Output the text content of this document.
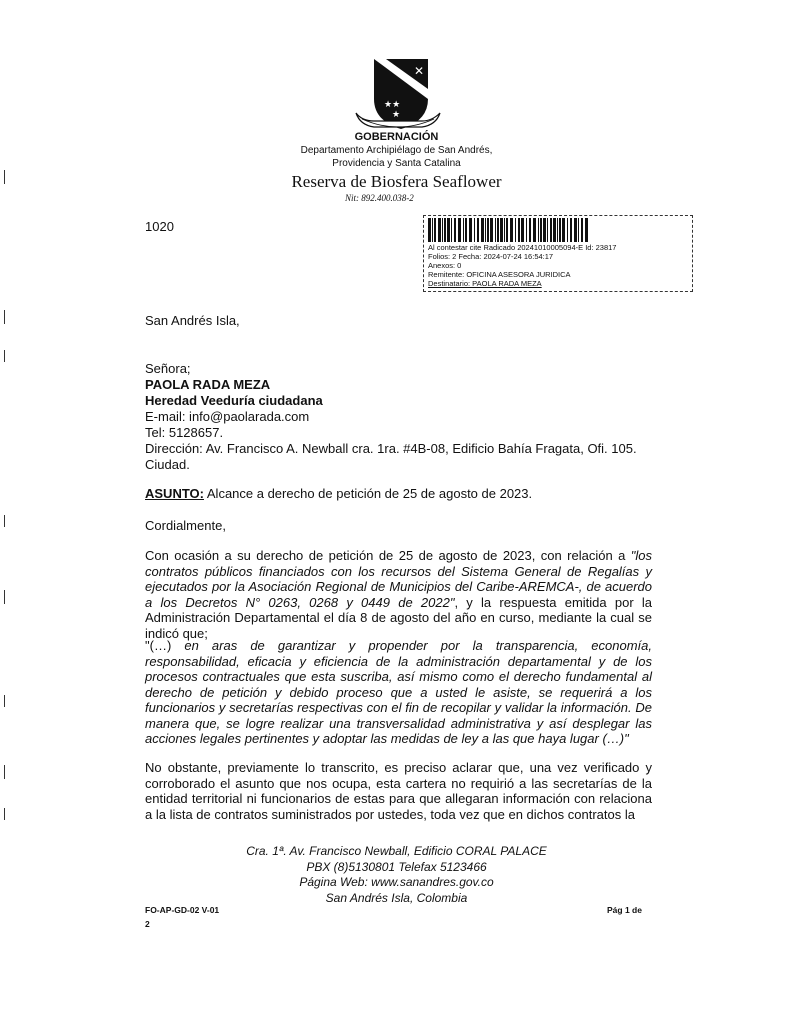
✕
★★
★
GOBERNACIÓN
Departamento Archipiélago de San Andrés,
Providencia y Santa Catalina
Reserva de Biosfera Seaflower
Nit: 892.400.038-2
1020
Al contestar cite Radicado 20241010005094-E Id: 23817
Folios: 2 Fecha: 2024-07-24 16:54:17
Anexos: 0
Remitente: OFICINA ASESORA JURIDICA
Destinatario: PAOLA RADA MEZA
San Andrés Isla,
Señora;
PAOLA RADA MEZA
Heredad Veeduría ciudadana
E-mail: info@paolarada.com
Tel: 5128657.
Dirección: Av. Francisco A. Newball cra. 1ra. #4B-08, Edificio Bahía Fragata, Ofi. 105.
Ciudad.
ASUNTO: Alcance a derecho de petición de 25 de agosto de 2023.
Cordialmente,
Con ocasión a su derecho de petición de 25 de agosto de 2023, con relación a "los contratos públicos financiados con los recursos del Sistema General de Regalías y ejecutados por la Asociación Regional de Municipios del Caribe-AREMCA-, de acuerdo a los Decretos N° 0263, 0268 y 0449 de 2022", y la respuesta emitida por la Administración Departamental el día 8 de agosto del año en curso, mediante la cual se indicó que;
"(…) en aras de garantizar y propender por la transparencia, economía, responsabilidad, eficacia y eficiencia de la administración departamental y de los procesos contractuales que esta suscriba, así mismo como el derecho fundamental al derecho de petición y debido proceso que a usted le asiste, se requerirá a los funcionarios y secretarías respectivas con el fin de recopilar y validar la información. De manera que, se logre realizar una transversalidad administrativa y así desplegar las acciones legales pertinentes y adoptar las medidas de ley a las que haya lugar (…)"
No obstante, previamente lo transcrito, es preciso aclarar que, una vez verificado y corroborado el asunto que nos ocupa, esta cartera no requirió a las secretarías de la entidad territorial ni funcionarios de estas para que allegaran información con relaciona a la lista de contratos suministrados por ustedes, toda vez que en dichos contratos la
Cra. 1ª. Av. Francisco Newball, Edificio CORAL PALACE
PBX (8)5130801 Telefax 5123466
Página Web: www.sanandres.gov.co
San Andrés Isla, Colombia
FO-AP-GD-02 V-01
2
Pág 1 de
